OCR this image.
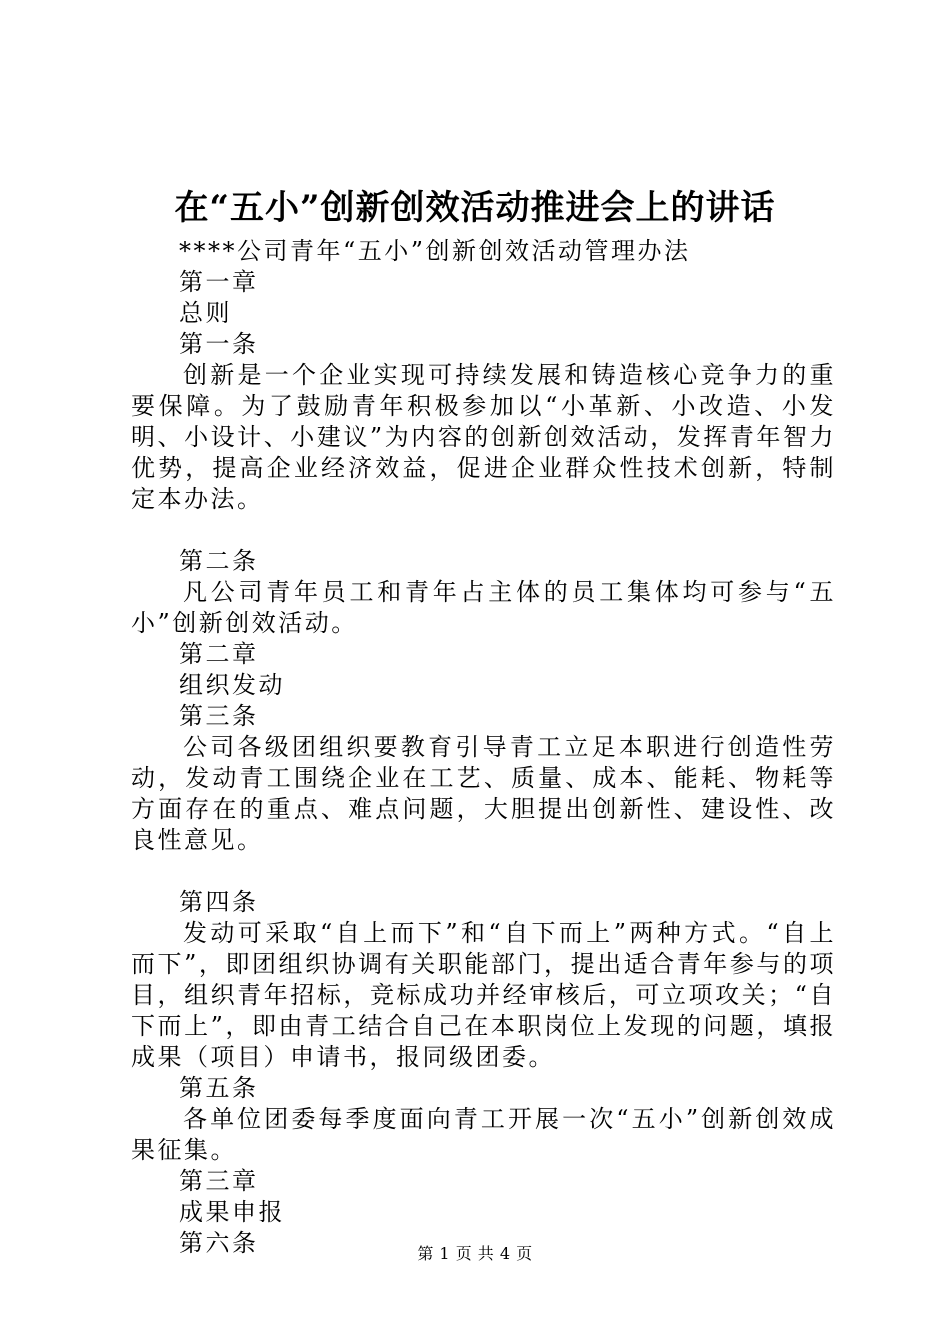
在“五小”创新创效活动推进会上的讲话

****公司青年“五小”创新创效活动管理办法

第一章

总则

第一条

创新是一个企业实现可持续发展和铸造核心竞争力的重要保障。为了鼓励青年积极参加以“小革新、小改造、小发明、小设计、小建议”为内容的创新创效活动，发挥青年智力优势，提高企业经济效益，促进企业群众性技术创新，特制定本办法。

第二条

凡公司青年员工和青年占主体的员工集体均可参与“五小”创新创效活动。

第二章

组织发动

第三条

公司各级团组织要教育引导青工立足本职进行创造性劳动，发动青工围绕企业在工艺、质量、成本、能耗、物耗等方面存在的重点、难点问题，大胆提出创新性、建设性、改良性意见。

第四条

发动可采取“自上而下”和“自下而上”两种方式。“自上而下”，即团组织协调有关职能部门，提出适合青年参与的项目，组织青年招标，竞标成功并经审核后，可立项攻关；“自下而上”，即由青工结合自己在本职岗位上发现的问题，填报成果（项目）申请书，报同级团委。

第五条

各单位团委每季度面向青工开展一次“五小”创新创效成果征集。

第三章

成果申报

第六条	第 1 页 共 4 页
